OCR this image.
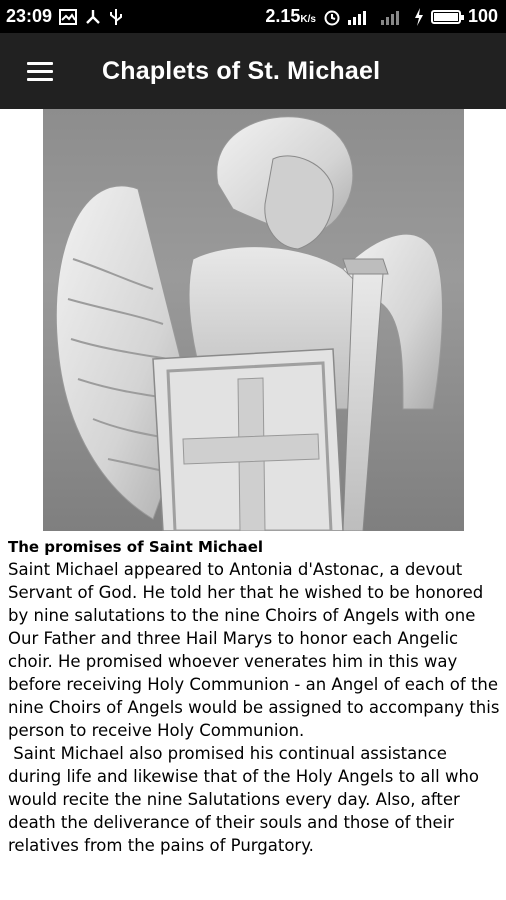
23:09	2.15K/s	100
Chaplets of St. Michael

The promises of Saint Michael

Saint Michael appeared to Antonia d'Astonac, a devout Servant of God. He told her that he wished to be honored by nine salutations to the nine Choirs of Angels with one Our Father and three Hail Marys to honor each Angelic choir. He promised whoever venerates him in this way before receiving Holy Communion - an Angel of each of the nine Choirs of Angels would be assigned to accompany this person to receive Holy Communion.
Saint Michael also promised his continual assistance during life and likewise that of the Holy Angels to all who would recite the nine Salutations every day. Also, after death the deliverance of their souls and those of their relatives from the pains of Purgatory.
